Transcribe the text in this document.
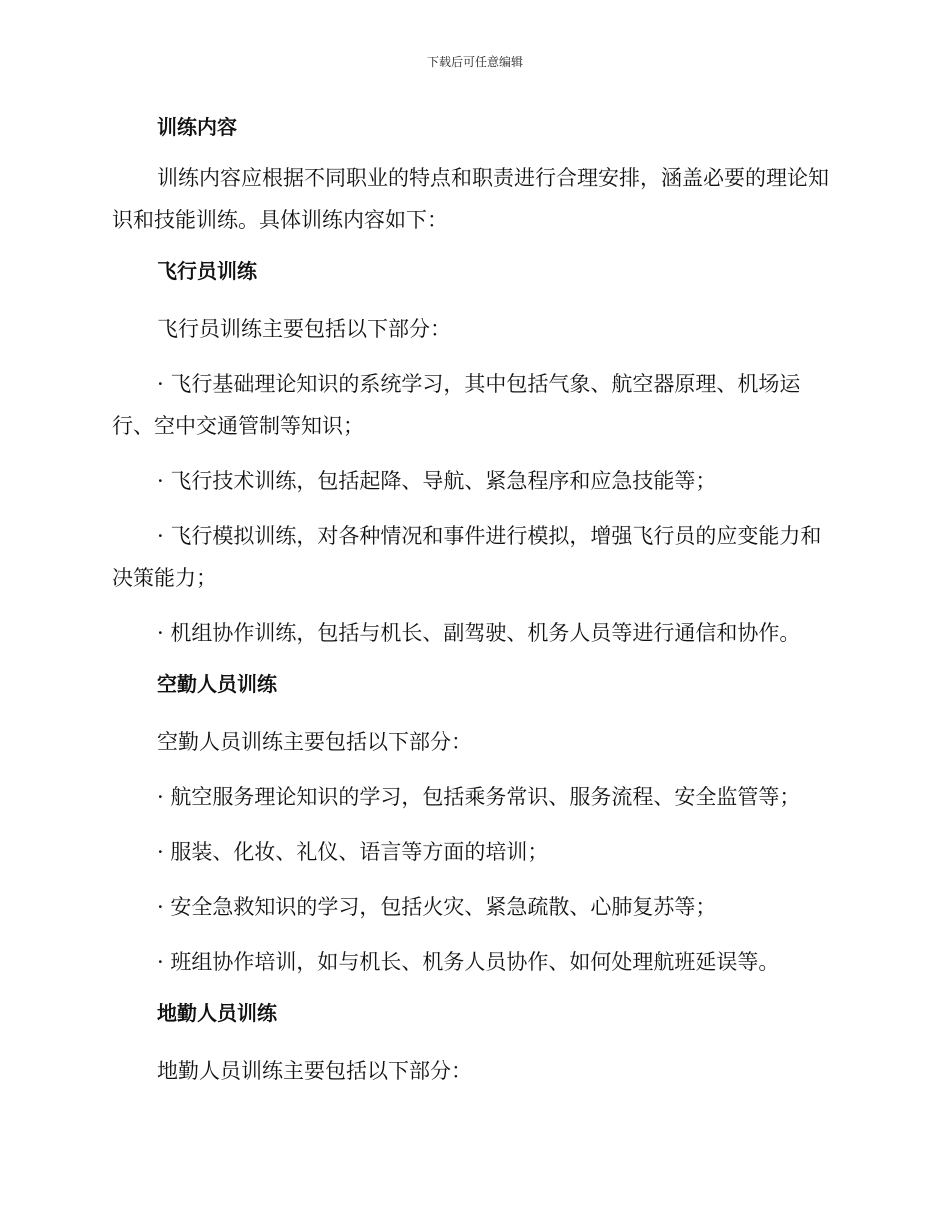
下载后可任意编辑
训练内容

训练内容应根据不同职业的特点和职责进行合理安排，涵盖必要的理论知识和技能训练。具体训练内容如下：

飞行员训练

飞行员训练主要包括以下部分：

· 飞行基础理论知识的系统学习，其中包括气象、航空器原理、机场运行、空中交通管制等知识；

· 飞行技术训练，包括起降、导航、紧急程序和应急技能等；

· 飞行模拟训练，对各种情况和事件进行模拟，增强飞行员的应变能力和决策能力；

· 机组协作训练，包括与机长、副驾驶、机务人员等进行通信和协作。

空勤人员训练

空勤人员训练主要包括以下部分：

· 航空服务理论知识的学习，包括乘务常识、服务流程、安全监管等；

· 服装、化妆、礼仪、语言等方面的培训；

· 安全急救知识的学习，包括火灾、紧急疏散、心肺复苏等；

· 班组协作培训，如与机长、机务人员协作、如何处理航班延误等。

地勤人员训练

地勤人员训练主要包括以下部分：
